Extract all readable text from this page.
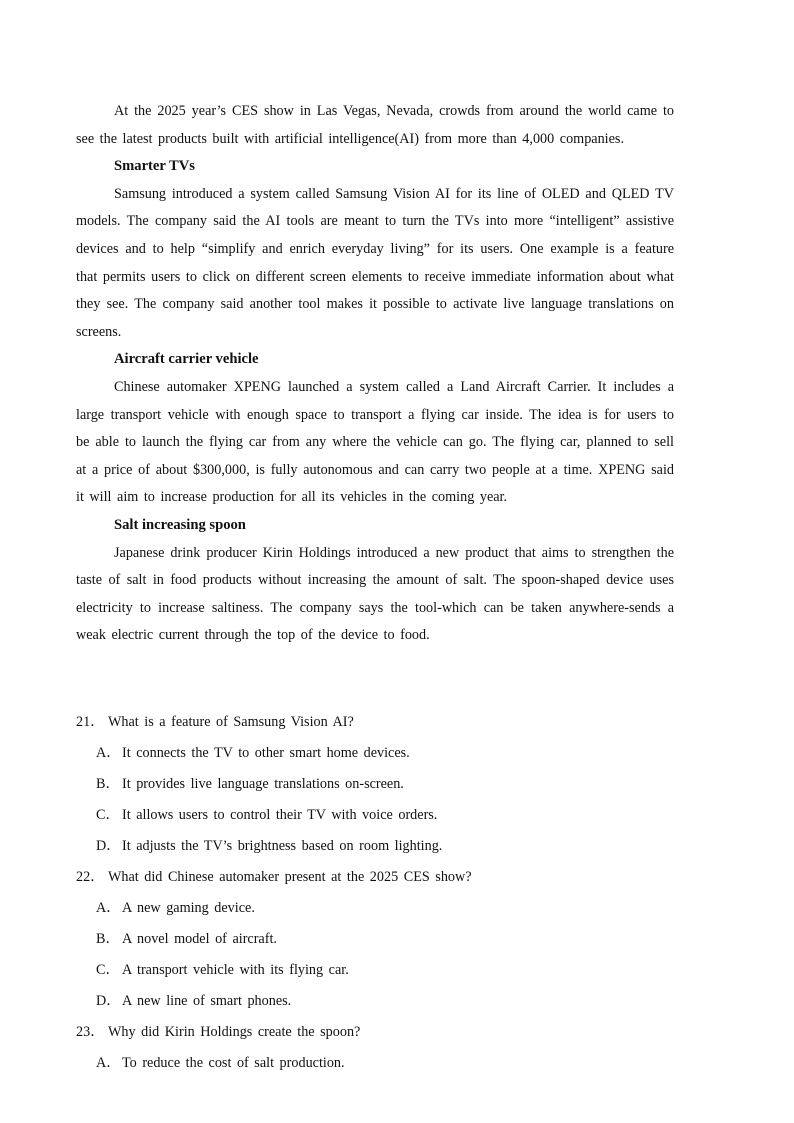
At the 2025 year’s CES show in Las Vegas, Nevada, crowds from around the world came to see the latest products built with artificial intelligence(AI) from more than 4,000 companies.

Smarter TVs

Samsung introduced a system called Samsung Vision AI for its line of OLED and QLED TV models. The company said the AI tools are meant to turn the TVs into more “intelligent” assistive devices and to help “simplify and enrich everyday living” for its users. One example is a feature that permits users to click on different screen elements to receive immediate information about what they see. The company said another tool makes it possible to activate live language translations on screens.

Aircraft carrier vehicle

Chinese automaker XPENG launched a system called a Land Aircraft Carrier. It includes a large transport vehicle with enough space to transport a flying car inside. The idea is for users to be able to launch the flying car from any where the vehicle can go. The flying car, planned to sell at a price of about $300,000, is fully autonomous and can carry two people at a time. XPENG said it will aim to increase production for all its vehicles in the coming year.

Salt increasing spoon

Japanese drink producer Kirin Holdings introduced a new product that aims to strengthen the taste of salt in food products without increasing the amount of salt. The spoon-shaped device uses electricity to increase saltiness. The company says the tool-which can be taken anywhere-sends a weak electric current through the top of the device to food.

21． What is a feature of Samsung Vision AI?

A． It connects the TV to other smart home devices.

B． It provides live language translations on-screen.

C． It allows users to control their TV with voice orders.

D． It adjusts the TV’s brightness based on room lighting.

22． What did Chinese automaker present at the 2025 CES show?

A． A new gaming device.

B． A novel model of aircraft.

C． A transport vehicle with its flying car.

D． A new line of smart phones.

23． Why did Kirin Holdings create the spoon?

A． To reduce the cost of salt production.
